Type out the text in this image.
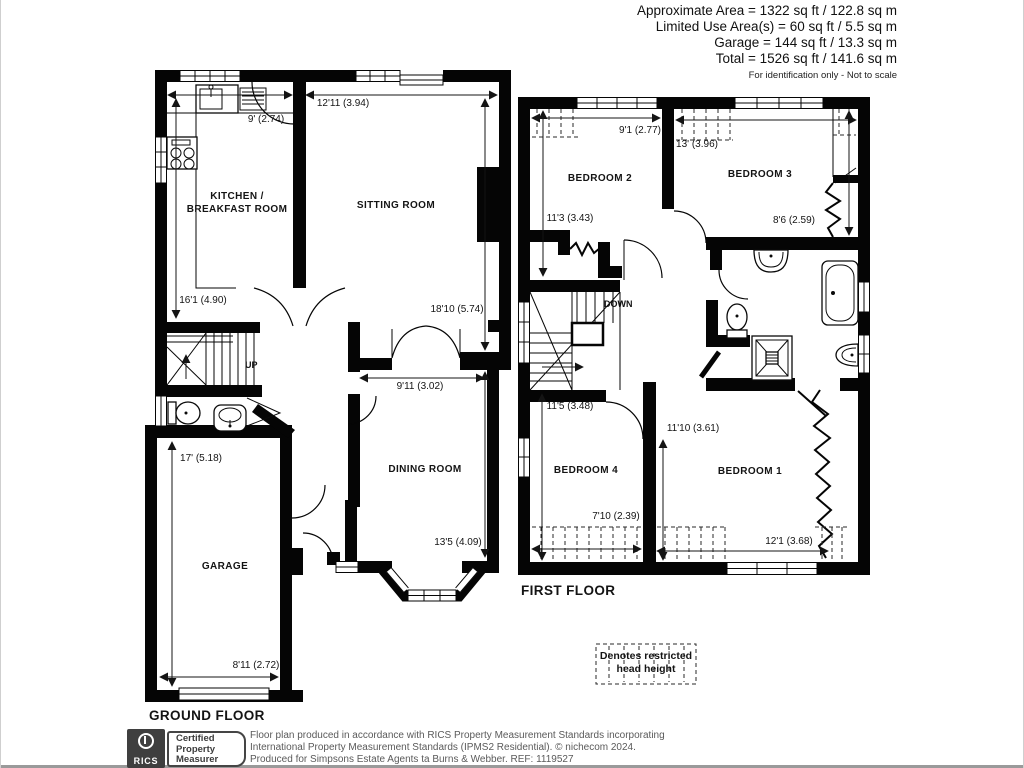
Approximate Area = 1322 sq ft / 122.8 sq m
Limited Use Area(s) = 60 sq ft / 5.5 sq m
Garage = 144 sq ft / 13.3 sq m
Total = 1526 sq ft / 141.6 sq m
For identification only - Not to scale
KITCHEN /
BREAKFAST ROOM	SITTING ROOM
DINING ROOM
GARAGE
UP
GROUND FLOOR
9' (2.74)
16'1 (4.90)
12'11 (3.94)
18'10 (5.74)
9'11 (3.02)
13'5 (4.09)
17' (5.18)
8'11 (2.72)
BEDROOM 2	BEDROOM 3
BEDROOM 4	BEDROOM 1
DOWN
FIRST FLOOR
9'1 (2.77)
11'3 (3.43)
13' (3.96)
8'6 (2.59)
11'5 (3.48)
11'10 (3.61)
7'10 (2.39)
12'1 (3.68)
Denotes restricted
head height
RICS
Certified
Property
Measurer
Floor plan produced in accordance with RICS Property Measurement Standards incorporating
International Property Measurement Standards (IPMS2 Residential). © nichecom 2024.
Produced for Simpsons Estate Agents ta Burns & Webber. REF: 1119527
